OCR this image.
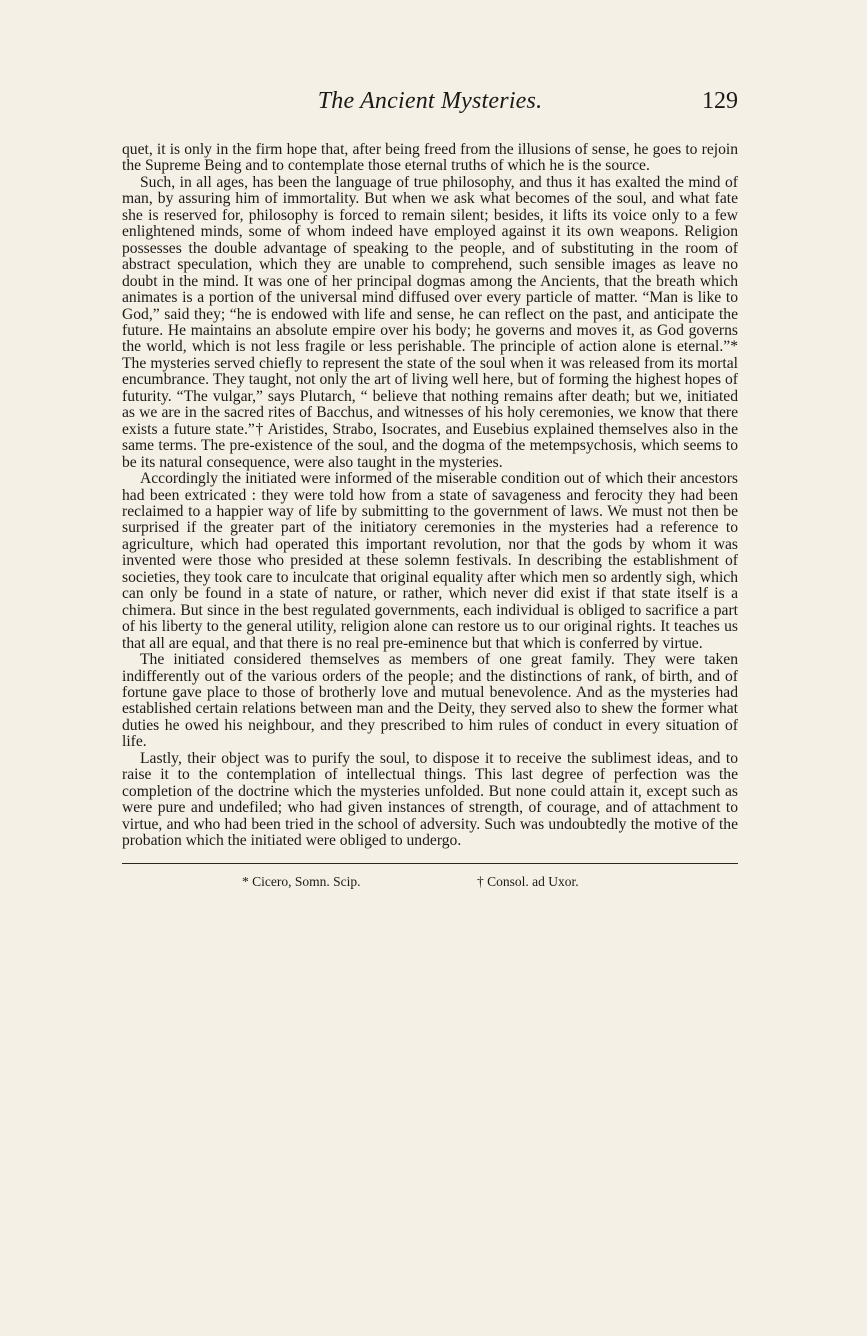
The Ancient Mysteries.	129

quet, it is only in the firm hope that, after being freed from the illusions of sense, he goes to rejoin the Supreme Being and to contemplate those eternal truths of which he is the source.

Such, in all ages, has been the language of true philosophy, and thus it has exalted the mind of man, by assuring him of immortality. But when we ask what becomes of the soul, and what fate she is reserved for, philosophy is forced to remain silent; besides, it lifts its voice only to a few enlightened minds, some of whom indeed have employed against it its own weapons. Religion possesses the double advantage of speaking to the people, and of substituting in the room of abstract speculation, which they are unable to comprehend, such sensible images as leave no doubt in the mind. It was one of her principal dogmas among the Ancients, that the breath which animates is a portion of the universal mind diffused over every particle of matter. “Man is like to God,” said they; “he is endowed with life and sense, he can reflect on the past, and anticipate the future. He maintains an absolute empire over his body; he governs and moves it, as God governs the world, which is not less fragile or less perishable. The principle of action alone is eternal.”* The mysteries served chiefly to represent the state of the soul when it was released from its mortal encumbrance. They taught, not only the art of living well here, but of forming the highest hopes of futurity. “The vulgar,” says Plutarch, “ believe that nothing remains after death; but we, initiated as we are in the sacred rites of Bacchus, and witnesses of his holy ceremonies, we know that there exists a future state.”† Aristides, Strabo, Isocrates, and Eusebius explained themselves also in the same terms. The pre-existence of the soul, and the dogma of the metempsychosis, which seems to be its natural consequence, were also taught in the mysteries.

Accordingly the initiated were informed of the miserable condition out of which their ancestors had been extricated : they were told how from a state of savageness and ferocity they had been reclaimed to a happier way of life by submitting to the government of laws. We must not then be surprised if the greater part of the initiatory ceremonies in the mysteries had a reference to agriculture, which had operated this important revolution, nor that the gods by whom it was invented were those who presided at these solemn festivals. In describing the establishment of societies, they took care to inculcate that original equality after which men so ardently sigh, which can only be found in a state of nature, or rather, which never did exist if that state itself is a chimera. But since in the best regulated governments, each individual is obliged to sacrifice a part of his liberty to the general utility, religion alone can restore us to our original rights. It teaches us that all are equal, and that there is no real pre-eminence but that which is conferred by virtue.

The initiated considered themselves as members of one great family. They were taken indifferently out of the various orders of the people; and the distinctions of rank, of birth, and of fortune gave place to those of brotherly love and mutual benevolence. And as the mysteries had established certain relations between man and the Deity, they served also to shew the former what duties he owed his neighbour, and they prescribed to him rules of conduct in every situation of life.

Lastly, their object was to purify the soul, to dispose it to receive the sublimest ideas, and to raise it to the contemplation of intellectual things. This last degree of perfection was the completion of the doctrine which the mysteries unfolded. But none could attain it, except such as were pure and undefiled; who had given instances of strength, of courage, and of attachment to virtue, and who had been tried in the school of adversity. Such was undoubtedly the motive of the probation which the initiated were obliged to undergo.

* Cicero, Somn. Scip.	† Consol. ad Uxor.
